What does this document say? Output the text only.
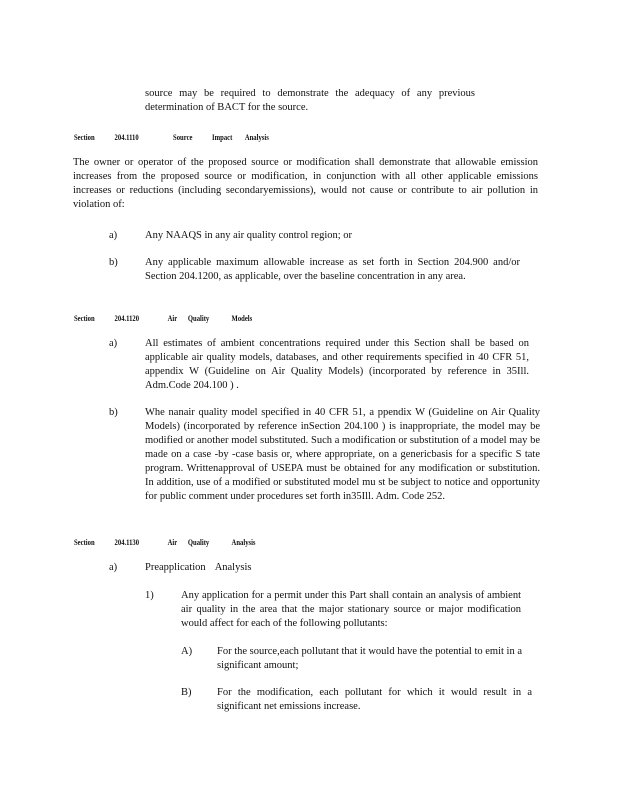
source may be required to demonstrate the adequacy of any previous determination of BACT for the source.

Section 204.1110	Source Impact Analysis

The owner or operator of the proposed source or modification shall demonstrate that allowable emission increases from the proposed source or modification, in conjunction with all other applicable emissions increases or reductions (including secondaryemissions), would not cause or contribute to air pollution in violation of:

a)	Any NAAQS in any air quality control region; or

b)	Any applicable maximum allowable increase as set forth in Section 204.900 and/or Section 204.1200, as applicable, over the baseline concentration in any area.

Section 204.1120	Air Quality	Models
a)	All estimates of ambient concentrations required under this Section shall be based on applicable air quality models, databases, and other requirements specified in 40 CFR 51, appendix W (Guideline on Air Quality Models) (incorporated by reference in 35Ill. Adm.Code 204.100 ) .

b)	Whe nanair quality model specified in 40 CFR 51, a ppendix W (Guideline on Air Quality Models) (incorporated by reference inSection 204.100 ) is inappropriate, the model may be modified or another model substituted. Such a modification or substitution of a model may be made on a case -by -case basis or, where appropriate, on a genericbasis for a specific S tate program. Writtenapproval of USEPA must be obtained for any modification or substitution. In addition, use of a modified or substituted model mu st be subject to notice and opportunity for public comment under procedures set forth in35Ill. Adm. Code 252.

Section 204.1130	Air Quality	Analysis
a)	Preapplication Analysis
1)	Any application for a permit under this Part shall contain an analysis of ambient air quality in the area that the major stationary source or major modification would affect for each of the following pollutants:

A) For the source,each pollutant that it would have the potential to emit in a significant amount;

B) For the modification, each pollutant for which it would result in a significant net emissions increase.
